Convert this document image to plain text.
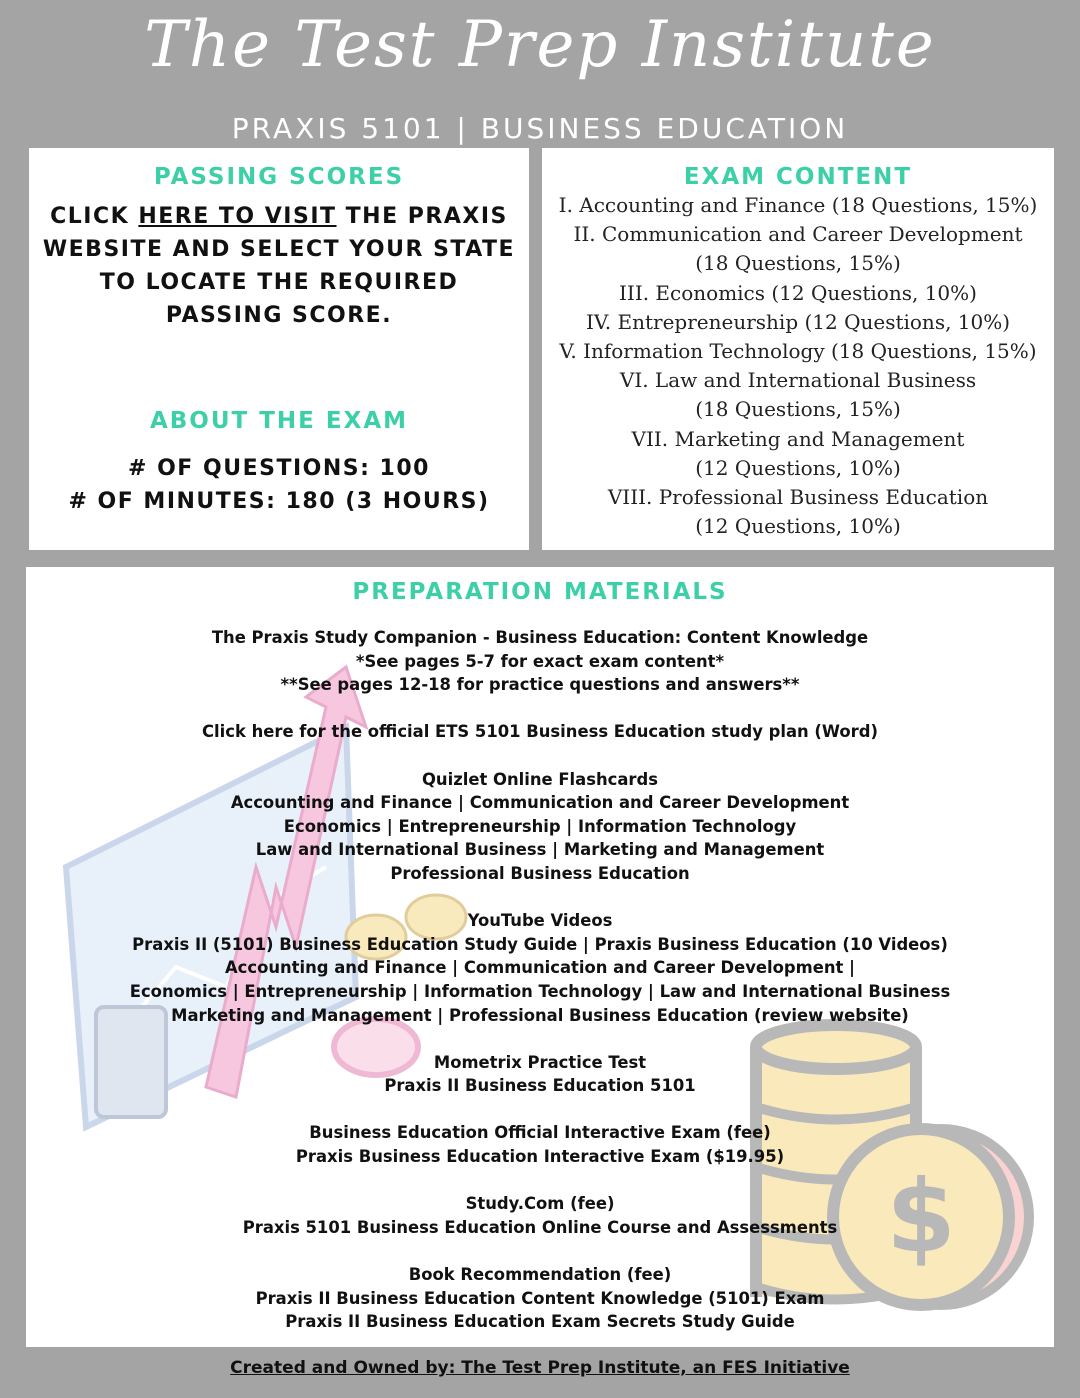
The Test Prep Institute
PRAXIS 5101 | BUSINESS EDUCATION
PASSING SCORES
CLICK HERE TO VISIT THE PRAXIS
WEBSITE AND SELECT YOUR STATE
TO LOCATE THE REQUIRED
PASSING SCORE.
ABOUT THE EXAM
# OF QUESTIONS: 100
# OF MINUTES: 180 (3 HOURS)
EXAM CONTENT
I. Accounting and Finance (18 Questions, 15%)
II. Communication and Career Development
(18 Questions, 15%)
III. Economics (12 Questions, 10%)
IV. Entrepreneurship (12 Questions, 10%)
V. Information Technology (18 Questions, 15%)
VI. Law and International Business
(18 Questions, 15%)
VII. Marketing and Management
(12 Questions, 10%)
VIII. Professional Business Education
(12 Questions, 10%)
$
PREPARATION MATERIALS
The Praxis Study Companion - Business Education: Content Knowledge
*See pages 5-7 for exact exam content*
**See pages 12-18 for practice questions and answers**
Click here for the official ETS 5101 Business Education study plan (Word)
Quizlet Online Flashcards
Accounting and Finance | Communication and Career Development
Economics | Entrepreneurship | Information Technology
Law and International Business | Marketing and Management
Professional Business Education
YouTube Videos
Praxis II (5101) Business Education Study Guide | Praxis Business Education (10 Videos)
Accounting and Finance | Communication and Career Development |
Economics | Entrepreneurship | Information Technology | Law and International Business
Marketing and Management | Professional Business Education (review website)
Mometrix Practice Test
Praxis II Business Education 5101
Business Education Official Interactive Exam (fee)
Praxis Business Education Interactive Exam ($19.95)
Study.Com (fee)
Praxis 5101 Business Education Online Course and Assessments
Book Recommendation (fee)
Praxis II Business Education Content Knowledge (5101) Exam
Praxis II Business Education Exam Secrets Study Guide
Created and Owned by: The Test Prep Institute, an FES Initiative
